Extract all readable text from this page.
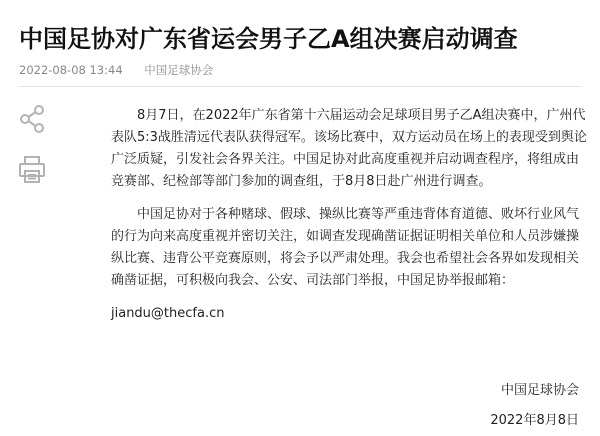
中国足协对广东省运会男子乙A组决赛启动调查
2022-08-08 13:44 中国足球协会

8月7日，在2022年广东省第十六届运动会足球项目男子乙A组决赛中，广州代表队5:3战胜清远代表队获得冠军。该场比赛中，双方运动员在场上的表现受到舆论广泛质疑，引发社会各界关注。中国足协对此高度重视并启动调查程序，将组成由竞赛部、纪检部等部门参加的调查组，于8月8日赴广州进行调查。

中国足协对于各种赌球、假球、操纵比赛等严重违背体育道德、败坏行业风气的行为向来高度重视并密切关注，如调查发现确凿证据证明相关单位和人员涉嫌操纵比赛、违背公平竞赛原则，将会予以严肃处理。我会也希望社会各界如发现相关确凿证据，可积极向我会、公安、司法部门举报，中国足协举报邮箱：

jiandu@thecfa.cn

中国足球协会
2022年8月8日
